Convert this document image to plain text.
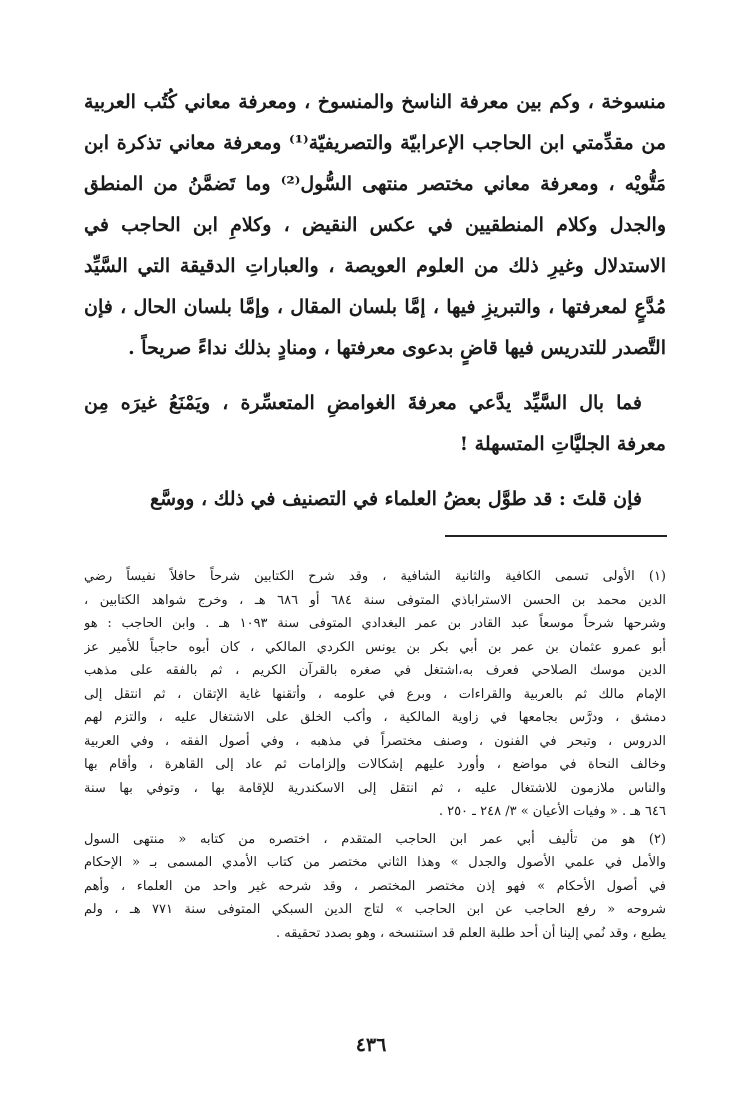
منسوخة ، وكم بين معرفة الناسخ والمنسوخ ، ومعرفة معاني كُتُب العربية
من مقدِّمتي ابن الحاجب الإعرابيّة والتصريفيّة⁽¹⁾ ومعرفة معاني تذكرة ابن
مَتُّويْه ، ومعرفة معاني مختصر منتهى السُّول⁽²⁾ وما تَضمَّنُ من المنطق
والجدل وكلام المنطقيين في عكس النقيض ، وكلامِ ابن الحاجب في
الاستدلال وغيرِ ذلك من العلوم العويصة ، والعباراتِ الدقيقة التي السَّيِّد
مُدَّعٍ لمعرفتها ، والتبريزِ فيها ، إمَّا بلسان المقال ، وإمَّا بلسان الحال ، فإن
التَّصدر للتدريس فيها قاضٍ بدعوى معرفتها ، ومنادٍ بذلك نداءً صريحاً .
فما بال السَّيِّد يدَّعي معرفةَ الغوامضِ المتعسِّرة ، ويَمْنَعُ غيرَه مِن
معرفة الجليَّاتِ المتسهلة !
فإن قلتَ : قد طوَّل بعضُ العلماء في التصنيف في ذلك ، ووسَّع
(١) الأولى تسمى الكافية والثانية الشافية ، وقد شرح الكتابين شرحاً حافلاً نفيساً رضي
الدين محمد بن الحسن الاستراباذي المتوفى سنة ٦٨٤ أو ٦٨٦ هـ ، وخرج شواهد الكتابين ،
وشرحها شرحاً موسعاً عبد القادر بن عمر البغدادي المتوفى سنة ١٠٩٣ هـ . وابن الحاجب : هو
أبو عمرو عثمان بن عمر بن أبي بكر بن يونس الكردي المالكي ، كان أبوه حاجباً للأمير عز
الدين موسك الصلاحي فعرف به،اشتغل في صغره بالقرآن الكريم ، ثم بالفقه على مذهب
الإمام مالك ثم بالعربية والقراءات ، وبرع في علومه ، وأتقنها غاية الإتقان ، ثم انتقل إلى
دمشق ، ودرَّس بجامعها في زاوية المالكية ، وأكب الخلق على الاشتغال عليه ، والتزم لهم
الدروس ، وتبحر في الفنون ، وصنف مختصراً في مذهبه ، وفي أصول الفقه ، وفي العربية
وخالف النحاة في مواضع ، وأورد عليهم إشكالات وإلزامات ثم عاد إلى القاهرة ، وأقام بها
والناس ملازمون للاشتغال عليه ، ثم انتقل إلى الاسكندرية للإقامة بها ، وتوفي بها سنة
٦٤٦ هـ . « وفيات الأعيان » ٣/ ٢٤٨ ـ ٢٥٠ .
(٢) هو من تأليف أبي عمر ابن الحاجب المتقدم ، اختصره من كتابه « منتهى السول
والأمل في علمي الأصول والجدل » وهذا الثاني مختصر من كتاب الأمدي المسمى بـ « الإحكام
في أصول الأحكام » فهو إذن مختصر المختصر ، وقد شرحه غير واحد من العلماء ، وأهم
شروحه « رفع الحاجب عن ابن الحاجب » لتاج الدين السبكي المتوفى سنة ٧٧١ هـ ، ولم
يطبع ، وقد نُمي إلينا أن أحد طلبة العلم قد استنسخه ، وهو بصدد تحقيقه .
٤٣٦
